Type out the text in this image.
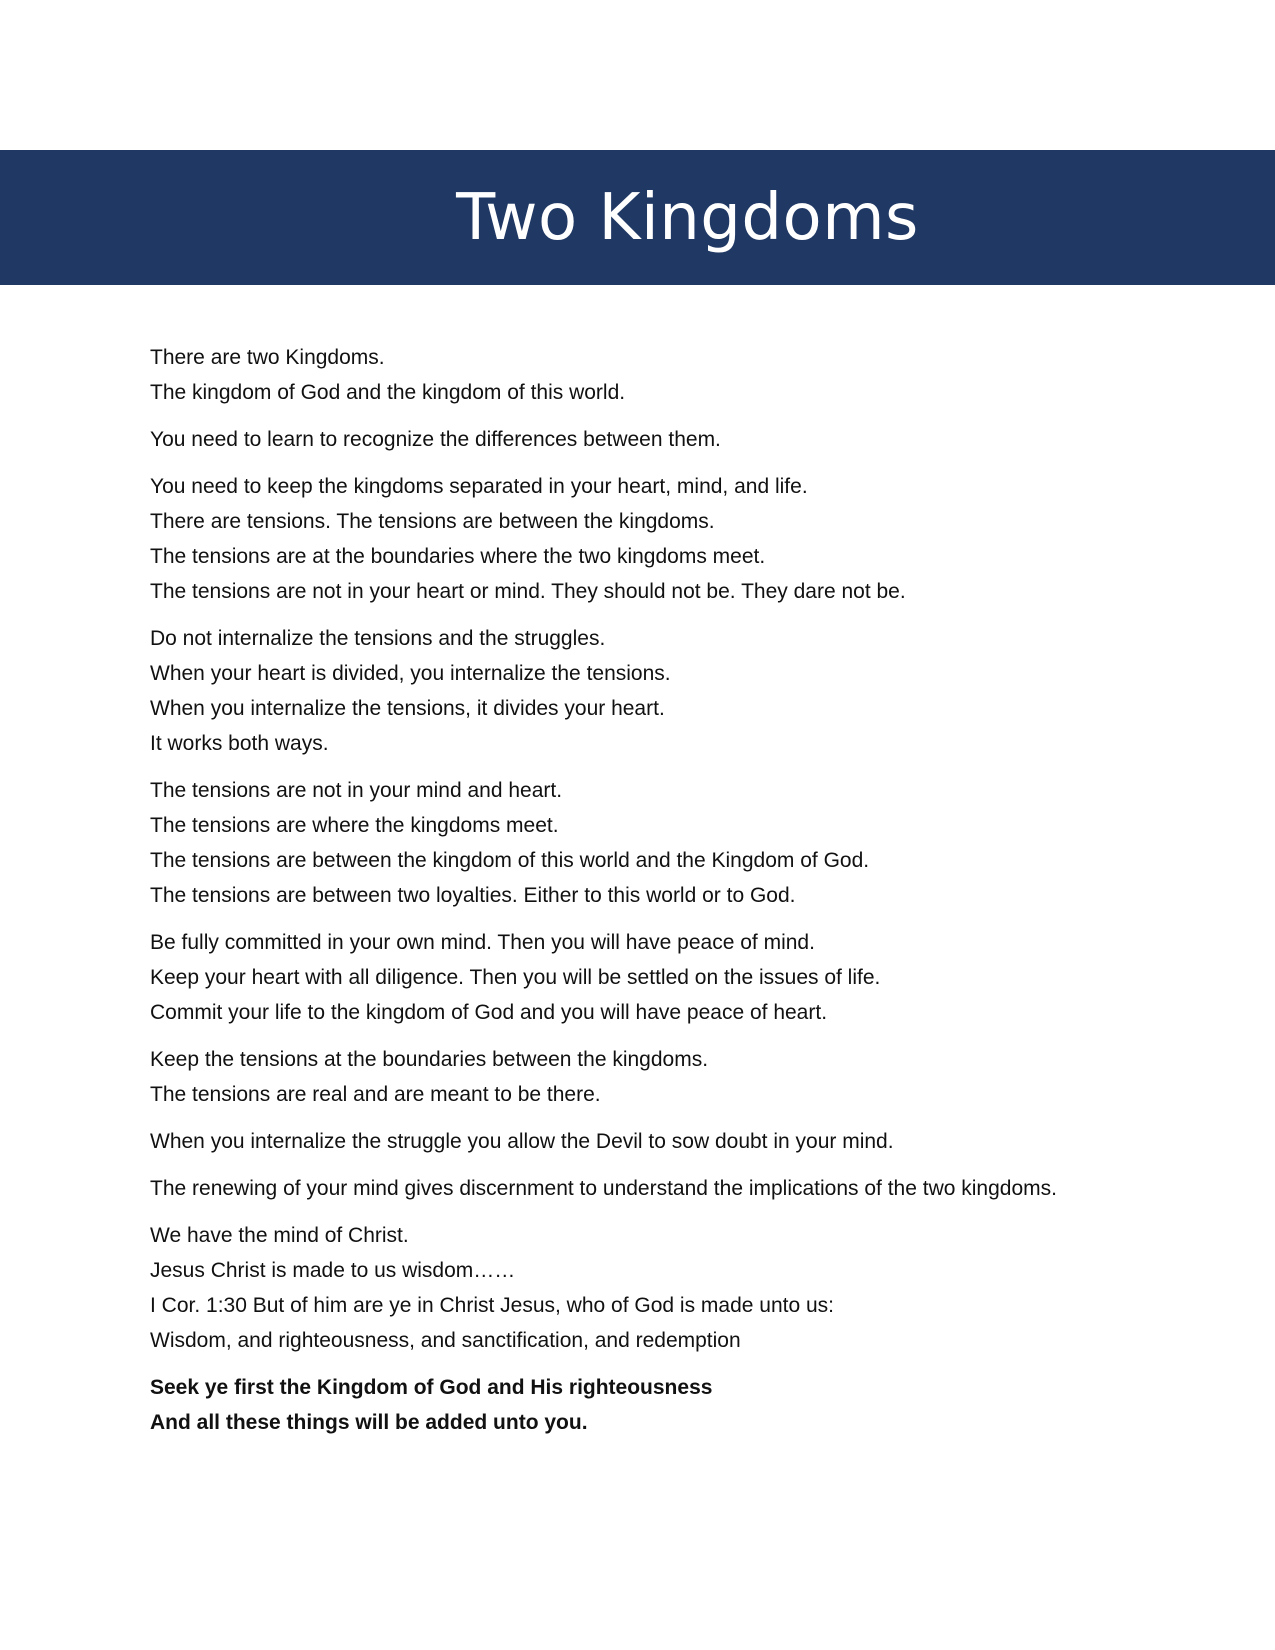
Two Kingdoms

There are two Kingdoms.
The kingdom of God and the kingdom of this world.

You need to learn to recognize the differences between them.

You need to keep the kingdoms separated in your heart, mind, and life.
There are tensions. The tensions are between the kingdoms.
The tensions are at the boundaries where the two kingdoms meet.
The tensions are not in your heart or mind. They should not be. They dare not be.

Do not internalize the tensions and the struggles.
When your heart is divided, you internalize the tensions.
When you internalize the tensions, it divides your heart.
It works both ways.

The tensions are not in your mind and heart.
The tensions are where the kingdoms meet.
The tensions are between the kingdom of this world and the Kingdom of God.
The tensions are between two loyalties. Either to this world or to God.

Be fully committed in your own mind. Then you will have peace of mind.
Keep your heart with all diligence. Then you will be settled on the issues of life.
Commit your life to the kingdom of God and you will have peace of heart.

Keep the tensions at the boundaries between the kingdoms.
The tensions are real and are meant to be there.

When you internalize the struggle you allow the Devil to sow doubt in your mind.

The renewing of your mind gives discernment to understand the implications of the two kingdoms.

We have the mind of Christ.
Jesus Christ is made to us wisdom……
I Cor. 1:30 But of him are ye in Christ Jesus, who of God is made unto us:
Wisdom, and righteousness, and sanctification, and redemption

Seek ye first the Kingdom of God and His righteousness
And all these things will be added unto you.
